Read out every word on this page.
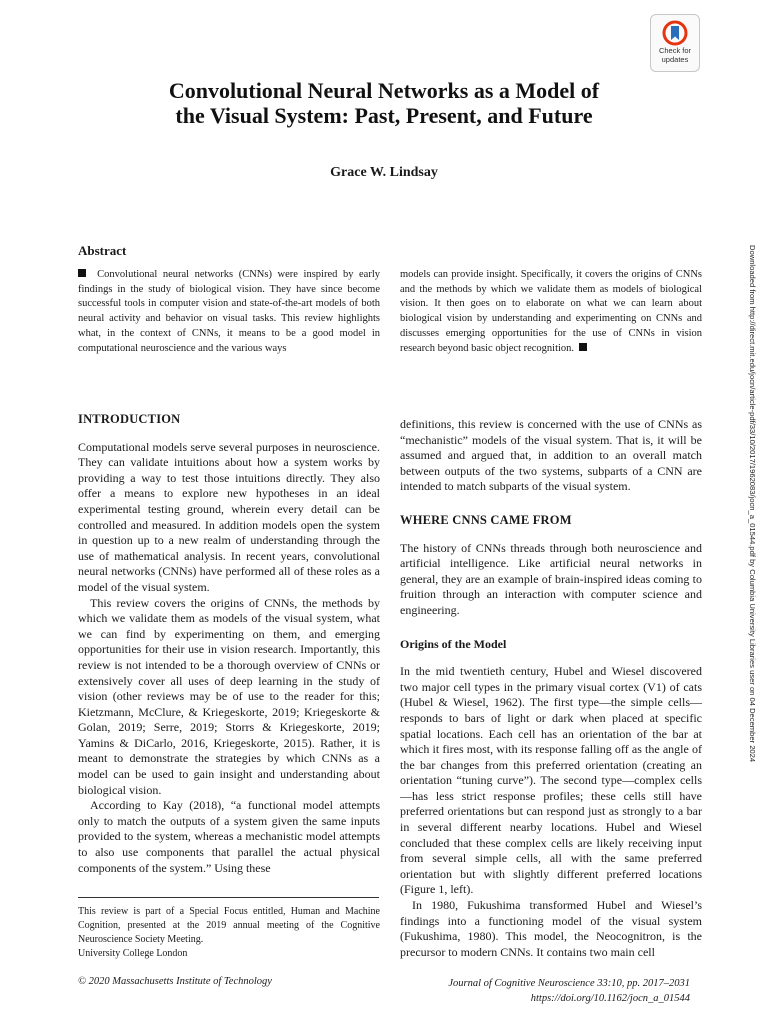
Check for
updates
Convolutional Neural Networks as a Model of
the Visual System: Past, Present, and Future

Grace W. Lindsay

Abstract

Convolutional neural networks (CNNs) were inspired by early findings in the study of biological vision. They have since become successful tools in computer vision and state-of-the-art models of both neural activity and behavior on visual tasks. This review highlights what, in the context of CNNs, it means to be a good model in computational neuroscience and the various ways

models can provide insight. Specifically, it covers the origins of CNNs and the methods by which we validate them as models of biological vision. It then goes on to elaborate on what we can learn about biological vision by understanding and experimenting on CNNs and discusses emerging opportunities for the use of CNNs in vision research beyond basic object recognition.

INTRODUCTION

Computational models serve several purposes in neuroscience. They can validate intuitions about how a system works by providing a way to test those intuitions directly. They also offer a means to explore new hypotheses in an ideal experimental testing ground, wherein every detail can be controlled and measured. In addition models open the system in question up to a new realm of understanding through the use of mathematical analysis. In recent years, convolutional neural networks (CNNs) have performed all of these roles as a model of the visual system.

This review covers the origins of CNNs, the methods by which we validate them as models of the visual system, what we can find by experimenting on them, and emerging opportunities for their use in vision research. Importantly, this review is not intended to be a thorough overview of CNNs or extensively cover all uses of deep learning in the study of vision (other reviews may be of use to the reader for this; Kietzmann, McClure, & Kriegeskorte, 2019; Kriegeskorte & Golan, 2019; Serre, 2019; Storrs & Kriegeskorte, 2019; Yamins & DiCarlo, 2016, Kriegeskorte, 2015). Rather, it is meant to demonstrate the strategies by which CNNs as a model can be used to gain insight and understanding about biological vision.

According to Kay (2018), “a functional model attempts only to match the outputs of a system given the same inputs provided to the system, whereas a mechanistic model attempts to also use components that parallel the actual physical components of the system.” Using these

definitions, this review is concerned with the use of CNNs as “mechanistic” models of the visual system. That is, it will be assumed and argued that, in addition to an overall match between outputs of the two systems, subparts of a CNN are intended to match subparts of the visual system.

WHERE CNNS CAME FROM

The history of CNNs threads through both neuroscience and artificial intelligence. Like artificial neural networks in general, they are an example of brain-inspired ideas coming to fruition through an interaction with computer science and engineering.

Origins of the Model

In the mid twentieth century, Hubel and Wiesel discovered two major cell types in the primary visual cortex (V1) of cats (Hubel & Wiesel, 1962). The first type—the simple cells—responds to bars of light or dark when placed at specific spatial locations. Each cell has an orientation of the bar at which it fires most, with its response falling off as the angle of the bar changes from this preferred orientation (creating an orientation “tuning curve”). The second type—complex cells—has less strict response profiles; these cells still have preferred orientations but can respond just as strongly to a bar in several different nearby locations. Hubel and Wiesel concluded that these complex cells are likely receiving input from several simple cells, all with the same preferred orientation but with slightly different preferred locations (Figure 1, left).

In 1980, Fukushima transformed Hubel and Wiesel’s findings into a functioning model of the visual system (Fukushima, 1980). This model, the Neocognitron, is the precursor to modern CNNs. It contains two main cell

This review is part of a Special Focus entitled, Human and Machine Cognition, presented at the 2019 annual meeting of the Cognitive Neuroscience Society Meeting.
University College London

© 2020 Massachusetts Institute of Technology	Journal of Cognitive Neuroscience 33:10, pp. 2017–2031
https://doi.org/10.1162/jocn_a_01544

Downloaded from http://direct.mit.edu/jocn/article-pdf/33/10/2017/1962083/jocn_a_01544.pdf by Columbia University Libraries user on 04 December 2024
